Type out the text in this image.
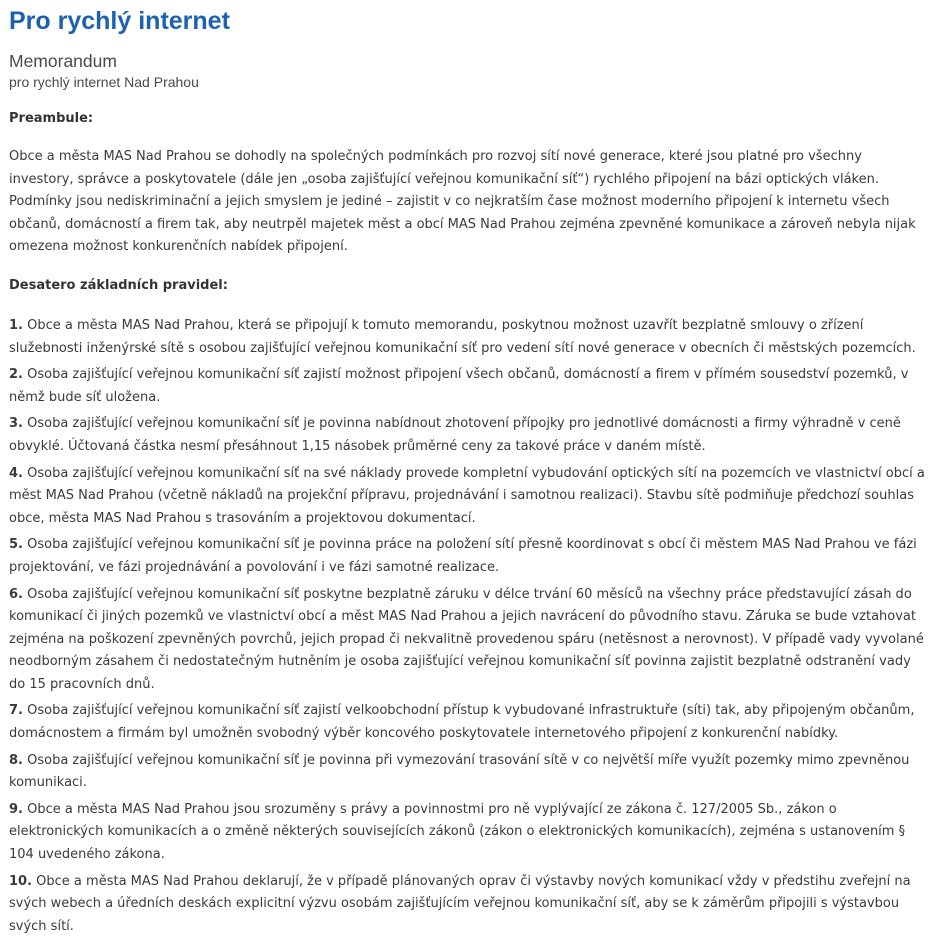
Pro rychlý internet
Memorandum
pro rychlý internet Nad Prahou
Preambule:

Obce a města MAS Nad Prahou se dohodly na společných podmínkách pro rozvoj sítí nové generace, které jsou platné pro všechny investory, správce a poskytovatele (dále jen „osoba zajišťující veřejnou komunikační síť“) rychlého připojení na bázi optických vláken. Podmínky jsou nediskriminační a jejich smyslem je jediné – zajistit v co nejkratším čase možnost moderního připojení k internetu všech občanů, domácností a firem tak, aby neutrpěl majetek měst a obcí MAS Nad Prahou zejména zpevněné komunikace a zároveň nebyla nijak omezena možnost konkurenčních nabídek připojení.

Desatero základních pravidel:
1. Obce a města MAS Nad Prahou, která se připojují k tomuto memorandu, poskytnou možnost uzavřít bezplatně smlouvy o zřízení služebnosti inženýrské sítě s osobou zajišťující veřejnou komunikační síť pro vedení sítí nové generace v obecních či městských pozemcích.
2. Osoba zajišťující veřejnou komunikační síť zajistí možnost připojení všech občanů, domácností a firem v přímém sousedství pozemků, v němž bude síť uložena.
3. Osoba zajišťující veřejnou komunikační síť je povinna nabídnout zhotovení přípojky pro jednotlivé domácnosti a firmy výhradně v ceně obvyklé. Účtovaná částka nesmí přesáhnout 1,15 násobek průměrné ceny za takové práce v daném místě.
4. Osoba zajišťující veřejnou komunikační síť na své náklady provede kompletní vybudování optických sítí na pozemcích ve vlastnictví obcí a měst MAS Nad Prahou (včetně nákladů na projekční přípravu, projednávání i samotnou realizaci). Stavbu sítě podmiňuje předchozí souhlas obce, města MAS Nad Prahou s trasováním a projektovou dokumentací.
5. Osoba zajišťující veřejnou komunikační síť je povinna práce na položení sítí přesně koordinovat s obcí či městem MAS Nad Prahou ve fázi projektování, ve fázi projednávání a povolování i ve fázi samotné realizace.
6. Osoba zajišťující veřejnou komunikační síť poskytne bezplatně záruku v délce trvání 60 měsíců na všechny práce představující zásah do komunikací či jiných pozemků ve vlastnictví obcí a měst MAS Nad Prahou a jejich navrácení do původního stavu. Záruka se bude vztahovat zejména na poškození zpevněných povrchů, jejich propad či nekvalitně provedenou spáru (netěsnost a nerovnost). V případě vady vyvolané neodborným zásahem či nedostatečným hutněním je osoba zajišťující veřejnou komunikační síť povinna zajistit bezplatně odstranění vady do 15 pracovních dnů.
7. Osoba zajišťující veřejnou komunikační síť zajistí velkoobchodní přístup k vybudované infrastruktuře (síti) tak, aby připojeným občanům, domácnostem a firmám byl umožněn svobodný výběr koncového poskytovatele internetového připojení z konkurenční nabídky.
8. Osoba zajišťující veřejnou komunikační síť je povinna při vymezování trasování sítě v co největší míře využít pozemky mimo zpevněnou komunikaci.
9. Obce a města MAS Nad Prahou jsou srozuměny s právy a povinnostmi pro ně vyplývající ze zákona č. 127/2005 Sb., zákon o elektronických komunikacích a o změně některých souvisejících zákonů (zákon o elektronických komunikacích), zejména s ustanovením § 104 uvedeného zákona.
10. Obce a města MAS Nad Prahou deklarují, že v případě plánovaných oprav či výstavby nových komunikací vždy v předstihu zveřejní na svých webech a úředních deskách explicitní výzvu osobám zajišťujícím veřejnou komunikační síť, aby se k záměrům připojili s výstavbou svých sítí.
